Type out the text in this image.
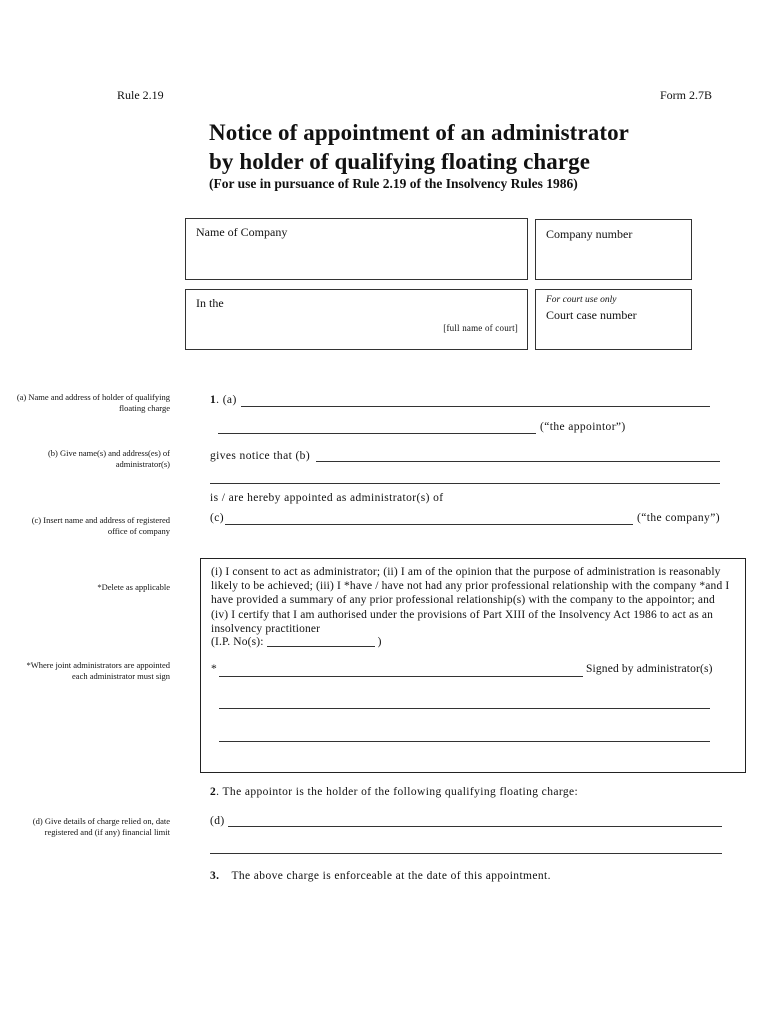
Rule 2.19	Form 2.7B
Notice of appointment of an administrator
by holder of qualifying floating charge
(For use in pursuance of Rule 2.19 of the Insolvency Rules 1986)
Name of Company	Company number
In the
[full name of court]
For court use only
Court case number
(a) Name and address of holder of qualifying floating charge
(b) Give name(s) and address(es) of administrator(s)
(c) Insert name and address of registered office of company
*Delete as applicable
*Where joint administrators are appointed each administrator must sign
(d) Give details of charge relied on, date registered and (if any) financial limit
1. (a)
(“the appointor”)
gives notice that (b)
is / are hereby appointed as administrator(s) of
(c)	(“the company”)
(i) I consent to act as administrator; (ii) I am of the opinion that the purpose of administration is reasonably likely to be achieved; (iii) I *have / have not had any prior professional relationship with the company *and I have provided a summary of any prior professional relationship(s) with the company to the appointor; and (iv) I certify that I am authorised under the provisions of Part XIII of the Insolvency Act 1986 to act as an insolvency practitioner
(I.P. No(s):	)
*	Signed by administrator(s)
2. The appointor is the holder of the following qualifying floating charge:
(d)
3. The above charge is enforceable at the date of this appointment.
